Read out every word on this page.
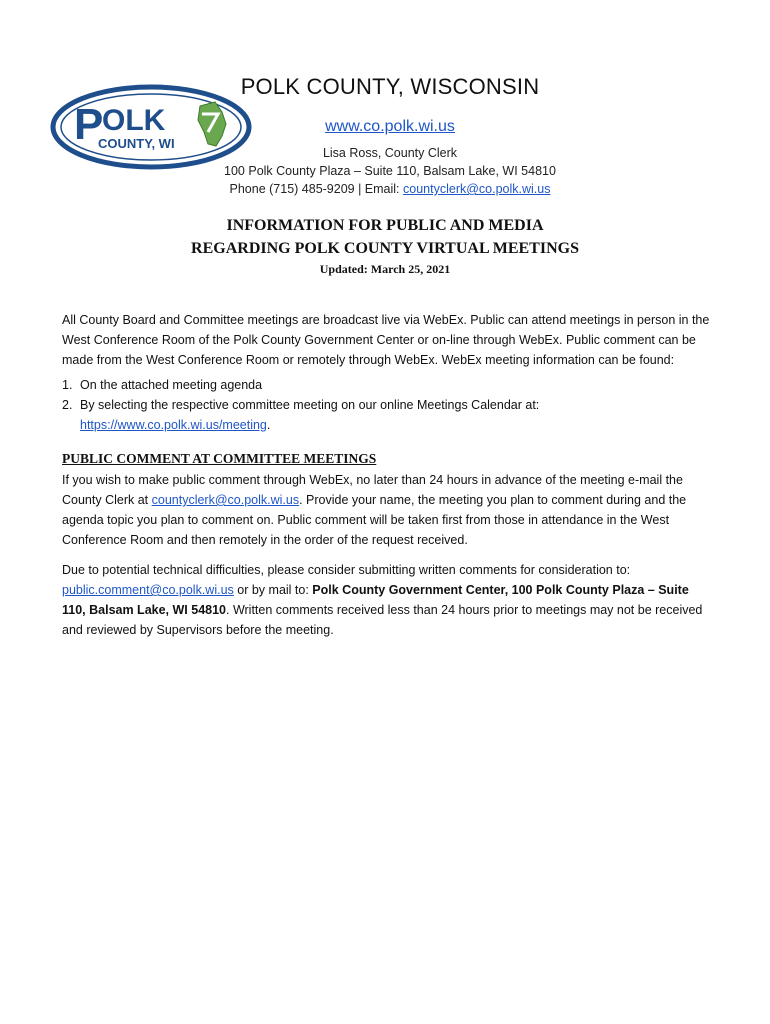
P
OLK
COUNTY, WI
POLK COUNTY, WISCONSIN
www.co.polk.wi.us
Lisa Ross, County Clerk
100 Polk County Plaza – Suite 110, Balsam Lake, WI 54810
Phone (715) 485-9209 | Email: countyclerk@co.polk.wi.us
INFORMATION FOR PUBLIC AND MEDIA
REGARDING POLK COUNTY VIRTUAL MEETINGS
Updated: March 25, 2021
All County Board and Committee meetings are broadcast live via WebEx. Public can attend meetings in person in the West Conference Room of the Polk County Government Center or on-line through WebEx. Public comment can be made from the West Conference Room or remotely through WebEx. WebEx meeting information can be found:
1. On the attached meeting agenda
2. By selecting the respective committee meeting on our online Meetings Calendar at:
https://www.co.polk.wi.us/meeting.
PUBLIC COMMENT AT COMMITTEE MEETINGS
If you wish to make public comment through WebEx, no later than 24 hours in advance of the meeting e-mail the County Clerk at countyclerk@co.polk.wi.us. Provide your name, the meeting you plan to comment during and the agenda topic you plan to comment on. Public comment will be taken first from those in attendance in the West Conference Room and then remotely in the order of the request received.
Due to potential technical difficulties, please consider submitting written comments for consideration to: public.comment@co.polk.wi.us or by mail to: Polk County Government Center, 100 Polk County Plaza – Suite 110, Balsam Lake, WI 54810. Written comments received less than 24 hours prior to meetings may not be received and reviewed by Supervisors before the meeting.
